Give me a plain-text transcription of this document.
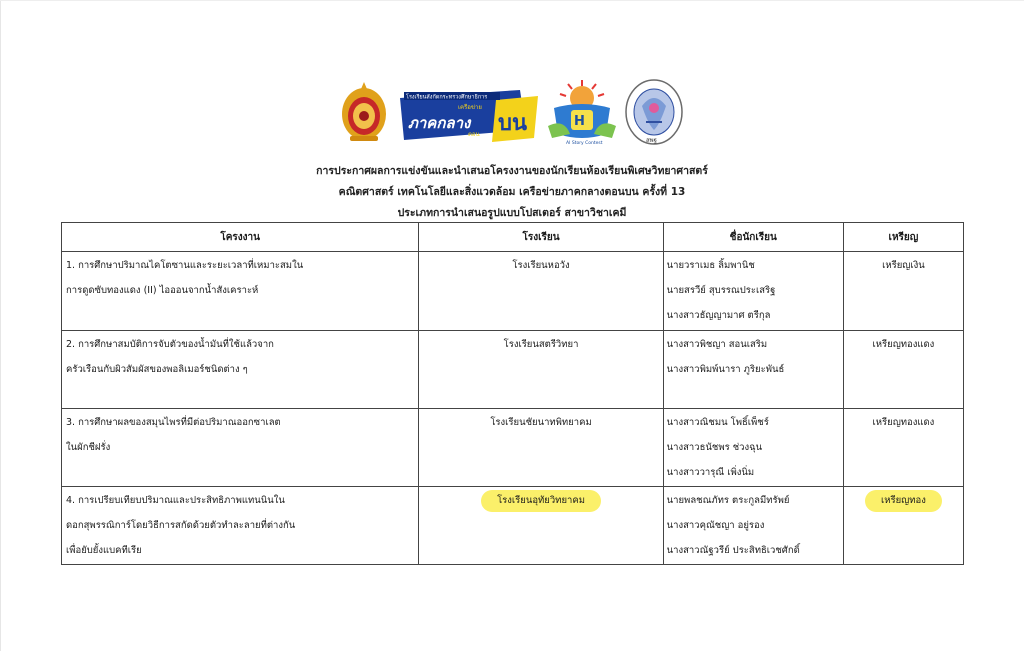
โรงเรียนสังกัดกระทรวงศึกษาธิการ
เครือข่าย
ภาคกลาง
ตอน บน	H
AI Story Contest	สพฐ
การประกาศผลการแข่งขันและนำเสนอโครงงานของนักเรียนห้องเรียนพิเศษวิทยาศาสตร์
คณิตศาสตร์ เทคโนโลยีและสิ่งแวดล้อม เครือข่ายภาคกลางตอนบน ครั้งที่ 13
ประเภทการนำเสนอรูปแบบโปสเตอร์ สาขาวิชาเคมี
โครงงาน	โรงเรียน	ชื่อนักเรียน	เหรียญ

1. การศึกษาปริมาณไคโตซานและระยะเวลาที่เหมาะสมใน
การดูดซับทองแดง (II) ไอออนจากน้ำสังเคราะห์	โรงเรียนหอวัง	นายวราเมธ ลิ้มพานิช
นายสรวีย์ สุบรรณประเสริฐ
นางสาวธัญญามาศ ตรีกุล	เหรียญเงิน

2. การศึกษาสมบัติการจับตัวของน้ำมันที่ใช้แล้วจาก
ครัวเรือนกับผิวสัมผัสของพอลิเมอร์ชนิดต่าง ๆ	โรงเรียนสตรีวิทยา	นางสาวพิชญา สอนเสริม
นางสาวพิมพ์นารา ภูริยะพันธ์	เหรียญทองแดง

3. การศึกษาผลของสมุนไพรที่มีต่อปริมาณออกซาเลต
ในผักชีฝรั่ง	โรงเรียนชัยนาทพิทยาคม	นางสาวณิชมน โพธิ์เพ็ชร์
นางสาวธนัชพร ช่วงฉุน
นางสาววารุณี เพิ่งนิ่ม	เหรียญทองแดง

4. การเปรียบเทียบปริมาณและประสิทธิภาพแทนนินใน
ดอกสุพรรณิการ์โดยวิธีการสกัดด้วยตัวทำละลายที่ต่างกัน
เพื่อยับยั้งแบคทีเรีย	โรงเรียนอุทัยวิทยาคม	นายพลชณภัทร ตระกูลมีทรัพย์
นางสาวคุณัชญา อยู่รอง
นางสาวณัฐวรีย์ ประสิทธิเวชศักดิ์	เหรียญทอง
